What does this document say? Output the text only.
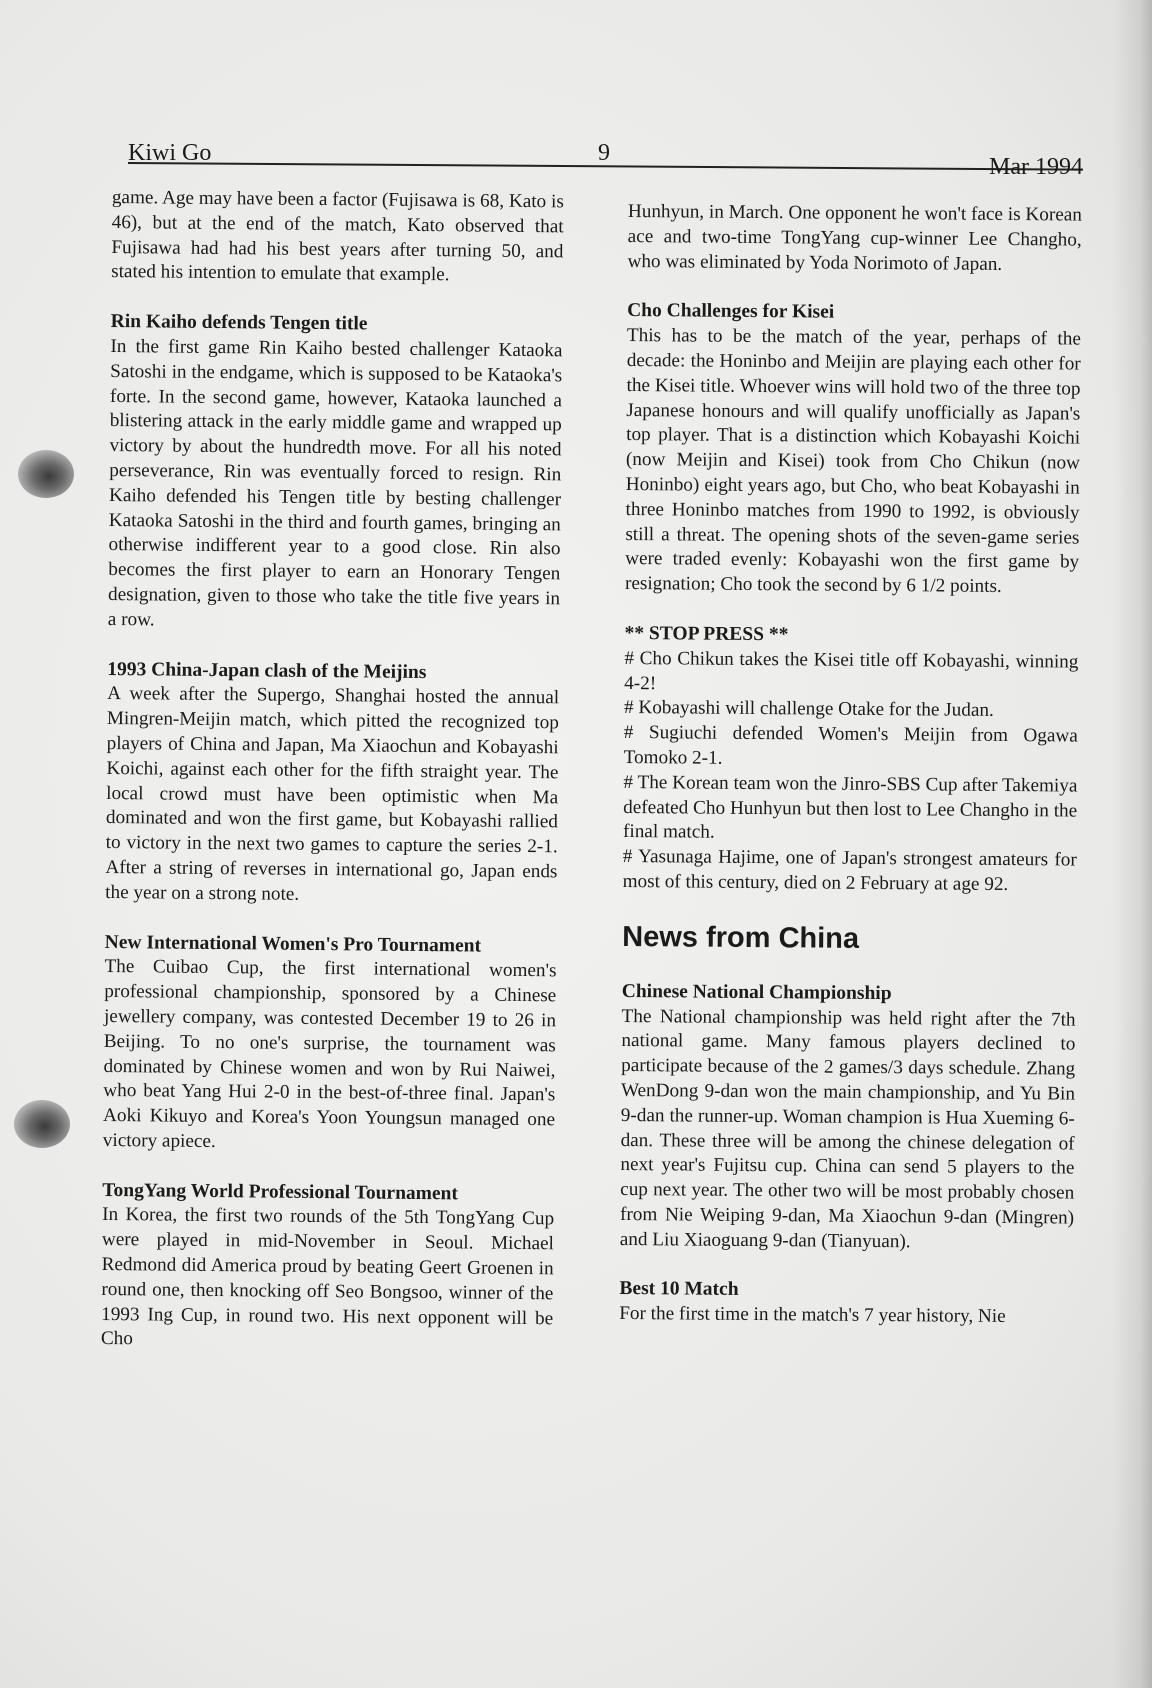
Kiwi Go	9
Mar 1994

game. Age may have been a factor (Fujisawa is 68, Kato is 46), but at the end of the match, Kato observed that Fujisawa had had his best years after turning 50, and stated his intention to emulate that example.

Rin Kaiho defends Tengen title

In the first game Rin Kaiho bested challenger Kataoka Satoshi in the endgame, which is supposed to be Kataoka's forte. In the second game, however, Kataoka launched a blistering attack in the early middle game and wrapped up victory by about the hundredth move. For all his noted perseverance, Rin was eventually forced to resign. Rin Kaiho defended his Tengen title by besting challenger Kataoka Satoshi in the third and fourth games, bringing an otherwise indifferent year to a good close. Rin also becomes the first player to earn an Honorary Tengen designation, given to those who take the title five years in a row.

1993 China-Japan clash of the Meijins

A week after the Supergo, Shanghai hosted the annual Mingren-Meijin match, which pitted the recognized top players of China and Japan, Ma Xiaochun and Kobayashi Koichi, against each other for the fifth straight year. The local crowd must have been optimistic when Ma dominated and won the first game, but Kobayashi rallied to victory in the next two games to capture the series 2-1. After a string of reverses in international go, Japan ends the year on a strong note.

New International Women's Pro Tournament

The Cuibao Cup, the first international women's professional championship, sponsored by a Chinese jewellery company, was contested December 19 to 26 in Beijing. To no one's surprise, the tournament was dominated by Chinese women and won by Rui Naiwei, who beat Yang Hui 2-0 in the best-of-three final. Japan's Aoki Kikuyo and Korea's Yoon Youngsun managed one victory apiece.

TongYang World Professional Tournament

In Korea, the first two rounds of the 5th TongYang Cup were played in mid-November in Seoul. Michael Redmond did America proud by beating Geert Groenen in round one, then knocking off Seo Bongsoo, winner of the 1993 Ing Cup, in round two. His next opponent will be Cho

Hunhyun, in March. One opponent he won't face is Korean ace and two-time TongYang cup-winner Lee Changho, who was eliminated by Yoda Norimoto of Japan.

Cho Challenges for Kisei

This has to be the match of the year, perhaps of the decade: the Honinbo and Meijin are playing each other for the Kisei title. Whoever wins will hold two of the three top Japanese honours and will qualify unofficially as Japan's top player. That is a distinction which Kobayashi Koichi (now Meijin and Kisei) took from Cho Chikun (now Honinbo) eight years ago, but Cho, who beat Kobayashi in three Honinbo matches from 1990 to 1992, is obviously still a threat. The opening shots of the seven-game series were traded evenly: Kobayashi won the first game by resignation; Cho took the second by 6 1/2 points.

** STOP PRESS **

# Cho Chikun takes the Kisei title off Kobayashi, winning 4-2!

# Kobayashi will challenge Otake for the Judan.

# Sugiuchi defended Women's Meijin from Ogawa Tomoko 2-1.

# The Korean team won the Jinro-SBS Cup after Takemiya defeated Cho Hunhyun but then lost to Lee Changho in the final match.

# Yasunaga Hajime, one of Japan's strongest amateurs for most of this century, died on 2 February at age 92.

News from China
Chinese National Championship

The National championship was held right after the 7th national game. Many famous players declined to participate because of the 2 games/3 days schedule. Zhang WenDong 9-dan won the main championship, and Yu Bin 9-dan the runner-up. Woman champion is Hua Xueming 6-dan. These three will be among the chinese delegation of next year's Fujitsu cup. China can send 5 players to the cup next year. The other two will be most probably chosen from Nie Weiping 9-dan, Ma Xiaochun 9-dan (Mingren) and Liu Xiaoguang 9-dan (Tianyuan).

Best 10 Match

For the first time in the match's 7 year history, Nie
